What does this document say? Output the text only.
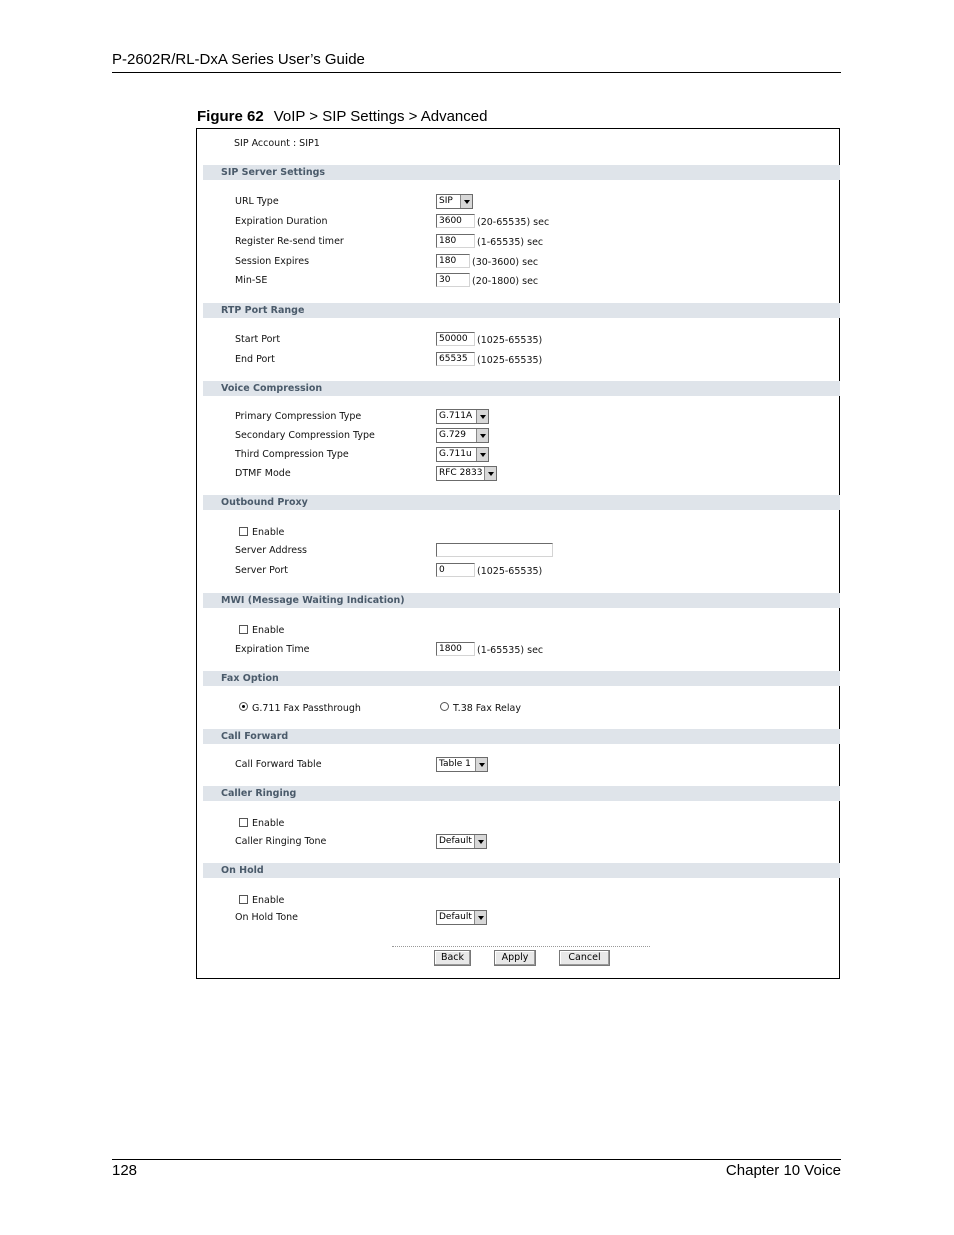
P-2602R/RL-DxA Series User’s Guide
Figure 62 VoIP > SIP Settings > Advanced
SIP Account : SIP1
SIP Server Settings
URL Type	SIP
Expiration Duration	3600	(20-65535) sec
Register Re-send timer	180	(1-65535) sec
Session Expires	180	(30-3600) sec
Min-SE	30	(20-1800) sec
RTP Port Range
Start Port	50000 (1025-65535)
End Port	65535 (1025-65535)
Voice Compression
Primary Compression Type	G.711A
Secondary Compression Type	G.729
Third Compression Type	G.711u
DTMF Mode	RFC 2833
Outbound Proxy
Enable
Server Address
Server Port	0	(1025-65535)
MWI (Message Waiting Indication)
Enable
Expiration Time	1800	(1-65535) sec
Fax Option
G.711 Fax Passthrough	T.38 Fax Relay
Call Forward
Call Forward Table	Table 1
Caller Ringing
Enable
Caller Ringing Tone	Default
On Hold
Enable
On Hold Tone	Default
Back	Apply	Cancel
128	Chapter 10 Voice
